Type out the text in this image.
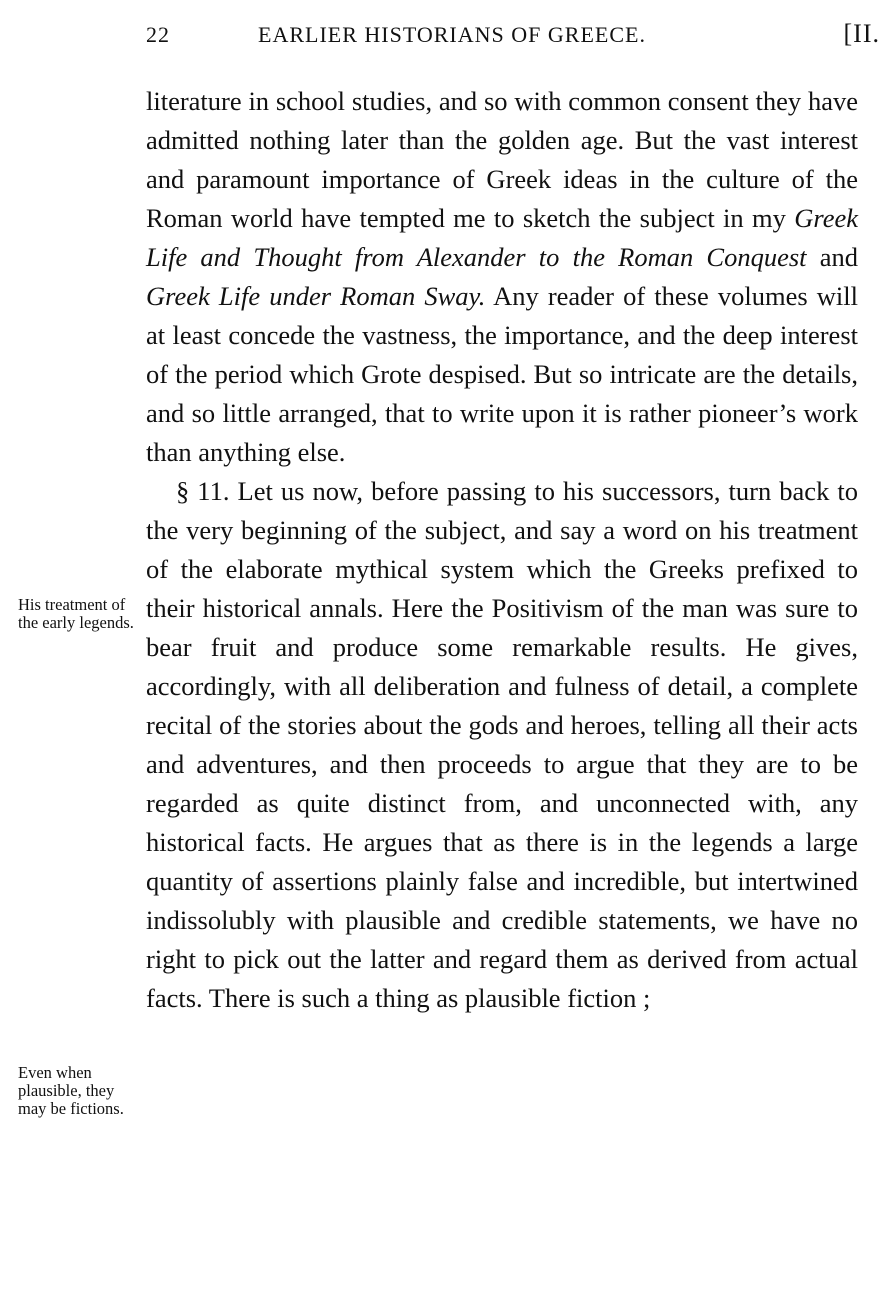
22	EARLIER HISTORIANS OF GREECE.	[II.

literature in school studies, and so with common consent they have admitted nothing later than the golden age. But the vast interest and paramount importance of Greek ideas in the culture of the Roman world have tempted me to sketch the subject in my Greek Life and Thought from Alexander to the Roman Conquest and Greek Life under Roman Sway. Any reader of these volumes will at least concede the vastness, the importance, and the deep interest of the period which Grote despised. But so intricate are the details, and so little arranged, that to write upon it is rather pioneer’s work than anything else.

§ 11. Let us now, before passing to his successors, turn back to the very beginning of the subject, and say a word on his treatment of the elaborate mythical system which the Greeks prefixed to their historical annals. Here the Positivism of the man was sure to bear fruit and produce some remarkable results. He gives, accordingly, with all deliberation and fulness of detail, a complete recital of the stories about the gods and heroes, telling all their acts and adventures, and then proceeds to argue that they are to be regarded as quite distinct from, and unconnected with, any historical facts. He argues that as there is in the legends a large quantity of assertions plainly false and incredible, but intertwined indissolubly with plausible and credible statements, we have no right to pick out the latter and regard them as derived from actual facts. There is such a thing as plausible fiction ;

His treatment of the early legends.
Even when plausible, they may be fictions.
